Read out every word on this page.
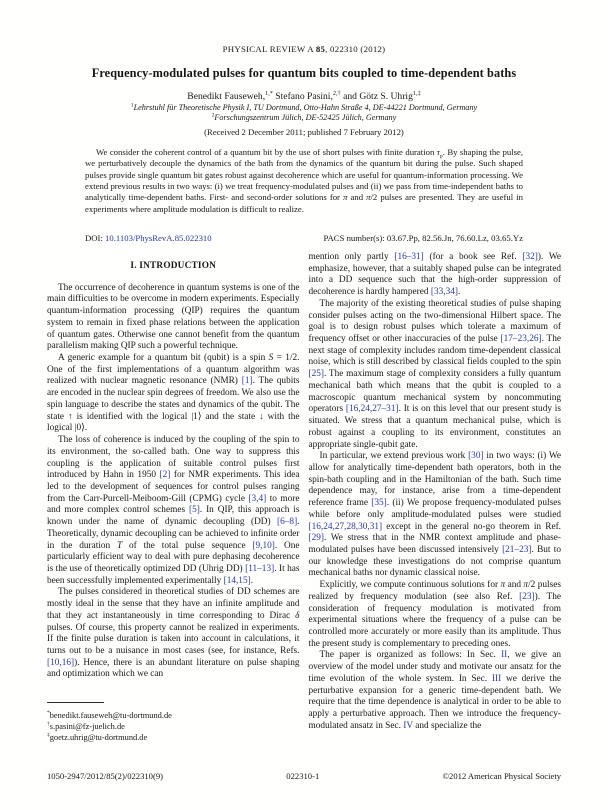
PHYSICAL REVIEW A 85, 022310 (2012)
Frequency-modulated pulses for quantum bits coupled to time-dependent baths
Benedikt Fauseweh,$^{1,*}$ Stefano Pasini,$^{2,\dagger}$ and Götz S. Uhrig$^{1,\ddagger}$
$^1$Lehrstuhl für Theoretische Physik I, TU Dortmund, Otto-Hahn Straße 4, DE-44221 Dortmund, Germany
$^2$Forschungszentrum Jülich, DE-52425 Jülich, Germany
(Received 2 December 2011; published 7 February 2012)
We consider the coherent control of a quantum bit by the use of short pulses with finite duration $\tau_p$. By shaping the pulse, we perturbatively decouple the dynamics of the bath from the dynamics of the quantum bit during the pulse. Such shaped pulses provide single quantum bit gates robust against decoherence which are useful for quantum-information processing. We extend previous results in two ways: (i) we treat frequency-modulated pulses and (ii) we pass from time-independent baths to analytically time-dependent baths. First- and second-order solutions for π and π/2 pulses are presented. They are useful in experiments where amplitude modulation is difficult to realize.
DOI: 10.1103/PhysRevA.85.022310	PACS number(s): 03.67.Pp, 82.56.Jn, 76.60.Lz, 03.65.Yz
I. INTRODUCTION

The occurrence of decoherence in quantum systems is one of the main difficulties to be overcome in modern experiments. Especially quantum-information processing (QIP) requires the quantum system to remain in fixed phase relations between the application of quantum gates. Otherwise one cannot benefit from the quantum parallelism making QIP such a powerful technique.

A generic example for a quantum bit (qubit) is a spin S = 1/2. One of the first implementations of a quantum algorithm was realized with nuclear magnetic resonance (NMR) [1]. The qubits are encoded in the nuclear spin degrees of freedom. We also use the spin language to describe the states and dynamics of the qubit. The state ↑ is identified with the logical |1⟩ and the state ↓ with the logical |0⟩.

The loss of coherence is induced by the coupling of the spin to its environment, the so-called bath. One way to suppress this coupling is the application of suitable control pulses first introduced by Hahn in 1950 [2] for NMR experiments. This idea led to the development of sequences for control pulses ranging from the Carr-Purcell-Meiboom-Gill (CPMG) cycle [3,4] to more and more complex control schemes [5]. In QIP, this approach is known under the name of dynamic decoupling (DD) [6–8]. Theoretically, dynamic decoupling can be achieved to infinite order in the duration T of the total pulse sequence [9,10]. One particularly efficient way to deal with pure dephasing decoherence is the use of theoretically optimized DD (Uhrig DD) [11–13]. It has been successfully implemented experimentally [14,15].

The pulses considered in theoretical studies of DD schemes are mostly ideal in the sense that they have an infinite amplitude and that they act instantaneously in time corresponding to Dirac δ pulses. Of course, this property cannot be realized in experiments. If the finite pulse duration is taken into account in calculations, it turns out to be a nuisance in most cases (see, for instance, Refs. [10,16]). Hence, there is an abundant literature on pulse shaping and optimization which we can

mention only partly [16–31] (for a book see Ref. [32]). We emphasize, however, that a suitably shaped pulse can be integrated into a DD sequence such that the high-order suppression of decoherence is hardly hampered [33,34].

The majority of the existing theoretical studies of pulse shaping consider pulses acting on the two-dimensional Hilbert space. The goal is to design robust pulses which tolerate a maximum of frequency offset or other inaccuracies of the pulse [17–23,26]. The next stage of complexity includes random time-dependent classical noise, which is still described by classical fields coupled to the spin [25]. The maximum stage of complexity considers a fully quantum mechanical bath which means that the qubit is coupled to a macroscopic quantum mechanical system by noncommuting operators [16,24,27–31]. It is on this level that our present study is situated. We stress that a quantum mechanical pulse, which is robust against a coupling to its environment, constitutes an appropriate single-qubit gate.

In particular, we extend previous work [30] in two ways: (i) We allow for analytically time-dependent bath operators, both in the spin-bath coupling and in the Hamiltonian of the bath. Such time dependence may, for instance, arise from a time-dependent reference frame [35]. (ii) We propose frequency-modulated pulses while before only amplitude-modulated pulses were studied [16,24,27,28,30,31] except in the general no-go theorem in Ref. [29]. We stress that in the NMR context amplitude and phase-modulated pulses have been discussed intensively [21–23]. But to our knowledge these investigations do not comprise quantum mechanical baths nor dynamic classical noise.

Explicitly, we compute continuous solutions for π and π/2 pulses realized by frequency modulation (see also Ref. [23]). The consideration of frequency modulation is motivated from experimental situations where the frequency of a pulse can be controlled more accurately or more easily than its amplitude. Thus the present study is complementary to preceding ones.

The paper is organized as follows: In Sec. II, we give an overview of the model under study and motivate our ansatz for the time evolution of the whole system. In Sec. III we derive the perturbative expansion for a generic time-dependent bath. We require that the time dependence is analytical in order to be able to apply a perturbative approach. Then we introduce the frequency-modulated ansatz in Sec. IV and specialize the

*benedikt.fauseweh@tu-dortmund.de
†s.pasini@fz-juelich.de
‡goetz.uhrig@tu-dortmund.de
1050-2947/2012/85(2)/022310(9)	022310-1	©2012 American Physical Society
